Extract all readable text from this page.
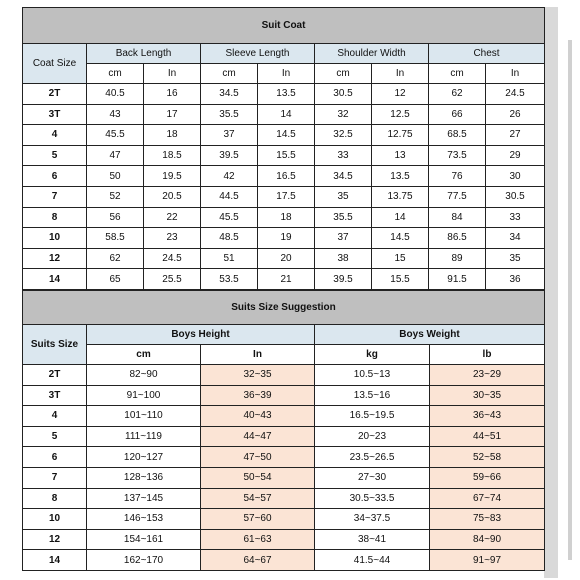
Suit Coat								
Coat Size	Back Length		Sleeve Length		Shoulder Width		Chest	
	cm	In	cm	In	cm	In	cm	In
2T	40.5	16	34.5	13.5	30.5	12	62	24.5
3T	43	17	35.5	14	32	12.5	66	26
4	45.5	18	37	14.5	32.5	12.75	68.5	27
5	47	18.5	39.5	15.5	33	13	73.5	29
6	50	19.5	42	16.5	34.5	13.5	76	30
7	52	20.5	44.5	17.5	35	13.75	77.5	30.5
8	56	22	45.5	18	35.5	14	84	33
10	58.5	23	48.5	19	37	14.5	86.5	34
12	62	24.5	51	20	38	15	89	35
14	65	25.5	53.5	21	39.5	15.5	91.5	36
Suits Size Suggestion				
Suits Size	Boys Height		Boys Weight	
	cm	In	kg	lb
2T	82~90	32~35	10.5~13	23~29
3T	91~100	36~39	13.5~16	30~35
4	101~110	40~43	16.5~19.5	36~43
5	111~119	44~47	20~23	44~51
6	120~127	47~50	23.5~26.5	52~58
7	128~136	50~54	27~30	59~66
8	137~145	54~57	30.5~33.5	67~74
10	146~153	57~60	34~37.5	75~83
12	154~161	61~63	38~41	84~90
14	162~170	64~67	41.5~44	91~97
